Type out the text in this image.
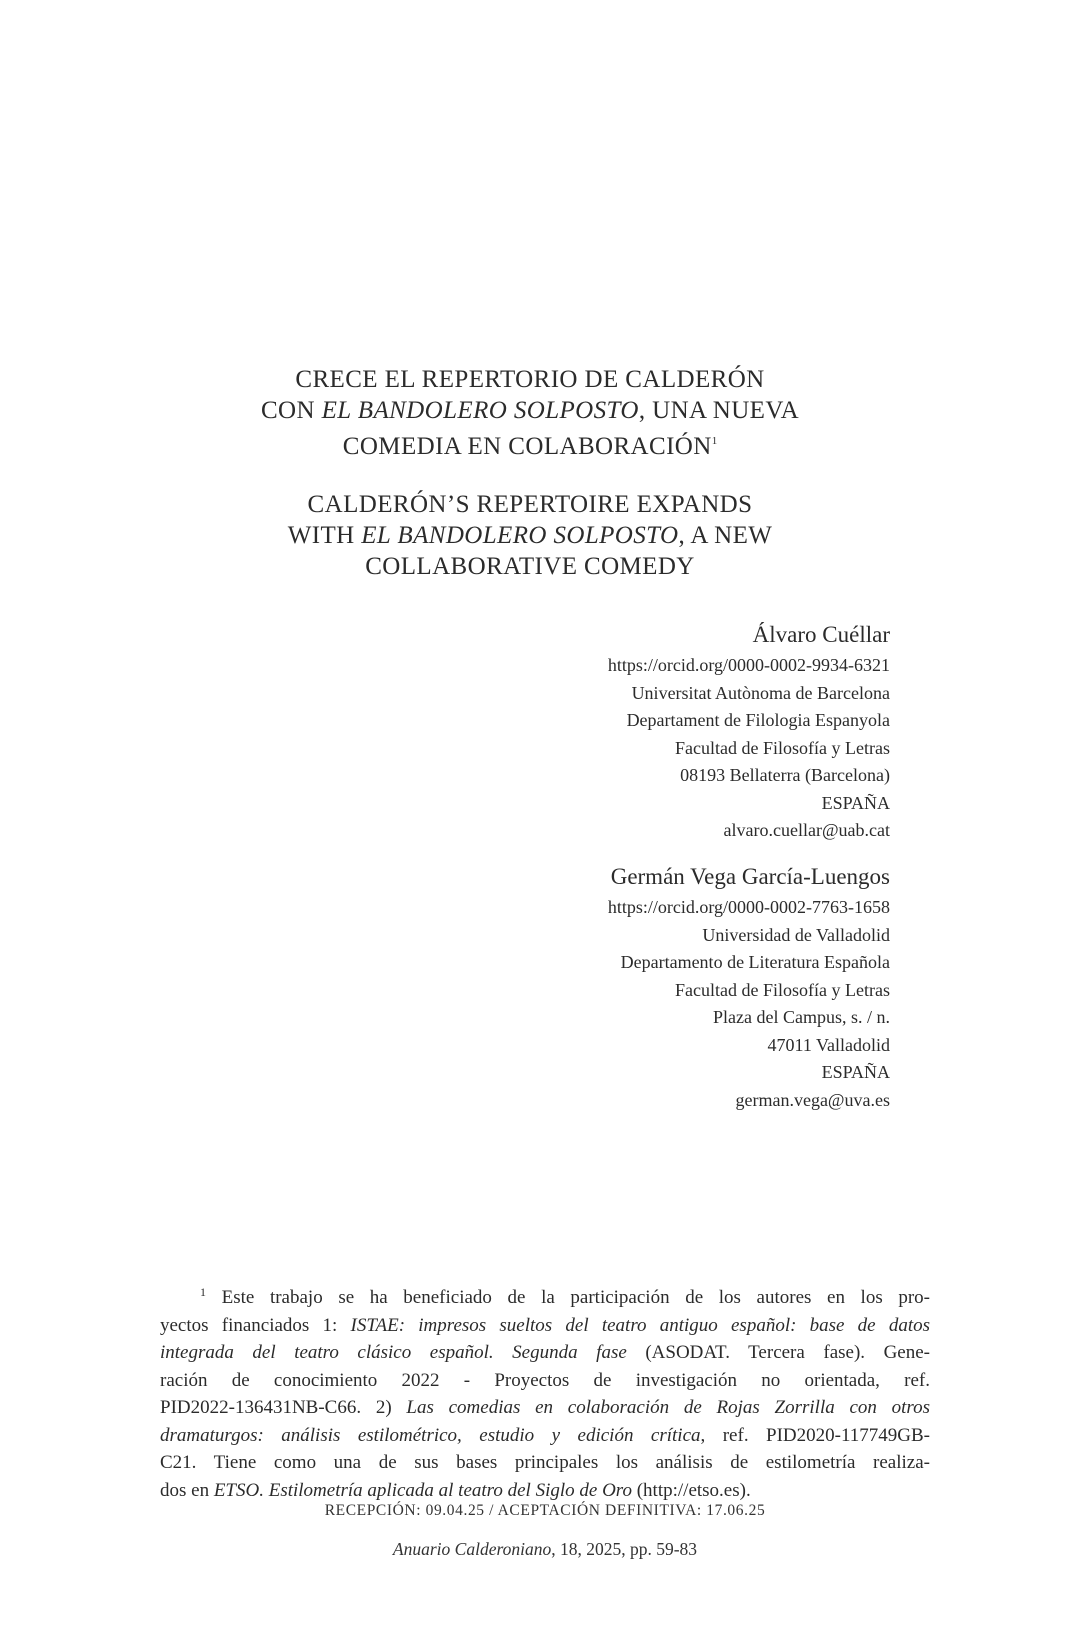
CRECE EL REPERTORIO DE CALDERÓN
CON EL BANDOLERO SOLPOSTO, UNA NUEVA
COMEDIA EN COLABORACIÓN$^1$
CALDERÓN’S REPERTOIRE EXPANDS
WITH EL BANDOLERO SOLPOSTO, A NEW
COLLABORATIVE COMEDY
Álvaro Cuéllar
https://orcid.org/0000-0002-9934-6321
Universitat Autònoma de Barcelona
Departament de Filologia Espanyola
Facultad de Filosofía y Letras
08193 Bellaterra (Barcelona)
ESPAÑA
alvaro.cuellar@uab.cat
Germán Vega García-Luengos
https://orcid.org/0000-0002-7763-1658
Universidad de Valladolid
Departamento de Literatura Española
Facultad de Filosofía y Letras
Plaza del Campus, s. / n.
47011 Valladolid
ESPAÑA
german.vega@uva.es
$^1$ Este trabajo se ha beneficiado de la participación de los autores en los pro-
yectos financiados 1: ISTAE: impresos sueltos del teatro antiguo español: base de datos
integrada del teatro clásico español. Segunda fase (ASODAT. Tercera fase). Gene-
ración de conocimiento 2022 - Proyectos de investigación no orientada, ref.
PID2022-136431NB-C66. 2) Las comedias en colaboración de Rojas Zorrilla con otros
dramaturgos: análisis estilométrico, estudio y edición crítica, ref. PID2020-117749GB-
C21. Tiene como una de sus bases principales los análisis de estilometría realiza-
dos en ETSO. Estilometría aplicada al teatro del Siglo de Oro (http://etso.es).
RECEPCIÓN: 09.04.25 / ACEPTACIÓN DEFINITIVA: 17.06.25
Anuario Calderoniano, 18, 2025, pp. 59-83
